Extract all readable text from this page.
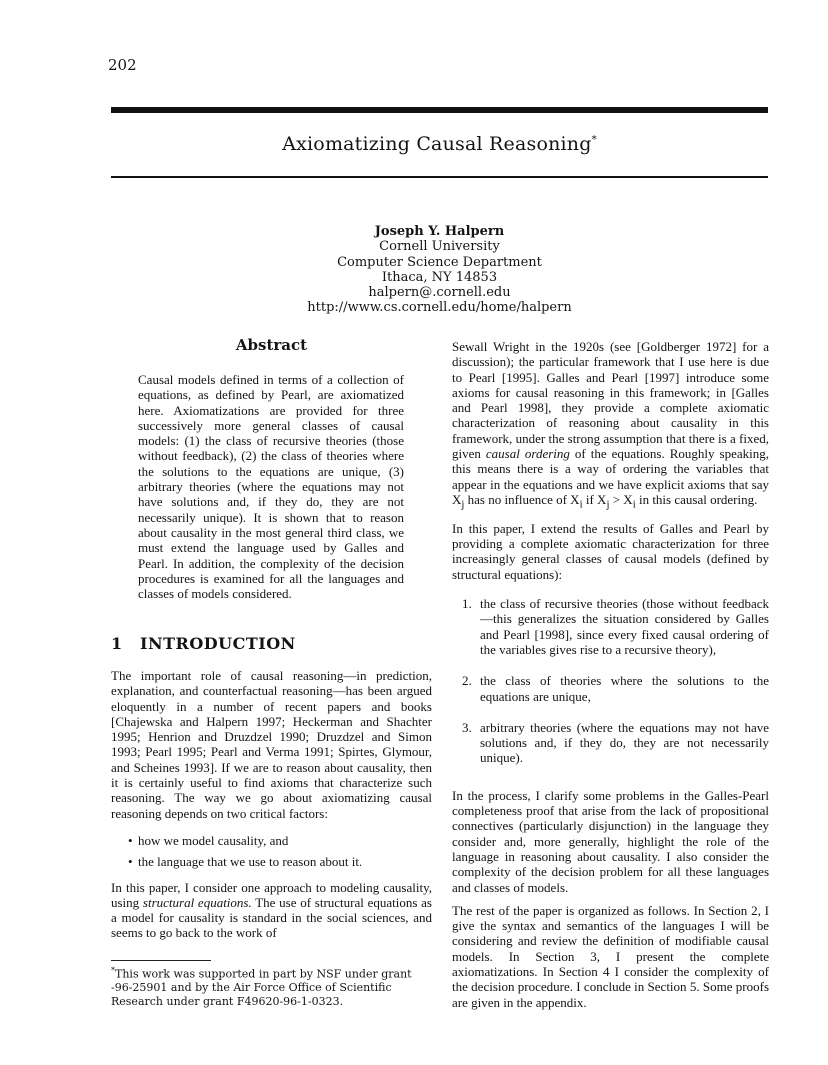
202
Axiomatizing Causal Reasoning*
Joseph Y. Halpern
Cornell University
Computer Science Department
Ithaca, NY 14853
halpern@.cornell.edu
http://www.cs.cornell.edu/home/halpern
Abstract
Causal models defined in terms of a collection of equations, as defined by Pearl, are axiomatized here. Axiomatizations are provided for three successively more general classes of causal models: (1) the class of recursive theories (those without feedback), (2) the class of theories where the solutions to the equations are unique, (3) arbitrary theories (where the equations may not have solutions and, if they do, they are not necessarily unique). It is shown that to reason about causality in the most general third class, we must extend the language used by Galles and Pearl. In addition, the complexity of the decision procedures is examined for all the languages and classes of models considered.
1 INTRODUCTION

The important role of causal reasoning—in prediction, explanation, and counterfactual reasoning—has been argued eloquently in a number of recent papers and books [Chajewska and Halpern 1997; Heckerman and Shachter 1995; Henrion and Druzdzel 1990; Druzdzel and Simon 1993; Pearl 1995; Pearl and Verma 1991; Spirtes, Glymour, and Scheines 1993]. If we are to reason about causality, then it is certainly useful to find axioms that characterize such reasoning. The way we go about axiomatizing causal reasoning depends on two critical factors:

• how we model causality, and
• the language that we use to reason about it.

In this paper, I consider one approach to modeling causality, using structural equations. The use of structural equations as a model for causality is standard in the social sciences, and seems to go back to the work of

*This work was supported in part by NSF under grant -96-25901 and by the Air Force Office of Scientific Research under grant F49620-96-1-0323.

Sewall Wright in the 1920s (see [Goldberger 1972] for a discussion); the particular framework that I use here is due to Pearl [1995]. Galles and Pearl [1997] introduce some axioms for causal reasoning in this framework; in [Galles and Pearl 1998], they provide a complete axiomatic characterization of reasoning about causality in this framework, under the strong assumption that there is a fixed, given causal ordering of the equations. Roughly speaking, this means there is a way of ordering the variables that appear in the equations and we have explicit axioms that say $X_j$ has no influence of $X_i$ if $X_j > X_i$ in this causal ordering.

In this paper, I extend the results of Galles and Pearl by providing a complete axiomatic characterization for three increasingly general classes of causal models (defined by structural equations):

1. the class of recursive theories (those without feedback—this generalizes the situation considered by Galles and Pearl [1998], since every fixed causal ordering of the variables gives rise to a recursive theory),
2. the class of theories where the solutions to the equations are unique,
3. arbitrary theories (where the equations may not have solutions and, if they do, they are not necessarily unique).

In the process, I clarify some problems in the Galles-Pearl completeness proof that arise from the lack of propositional connectives (particularly disjunction) in the language they consider and, more generally, highlight the role of the language in reasoning about causality. I also consider the complexity of the decision problem for all these languages and classes of models.

The rest of the paper is organized as follows. In Section 2, I give the syntax and semantics of the languages I will be considering and review the definition of modifiable causal models. In Section 3, I present the complete axiomatizations. In Section 4 I consider the complexity of the decision procedure. I conclude in Section 5. Some proofs are given in the appendix.
